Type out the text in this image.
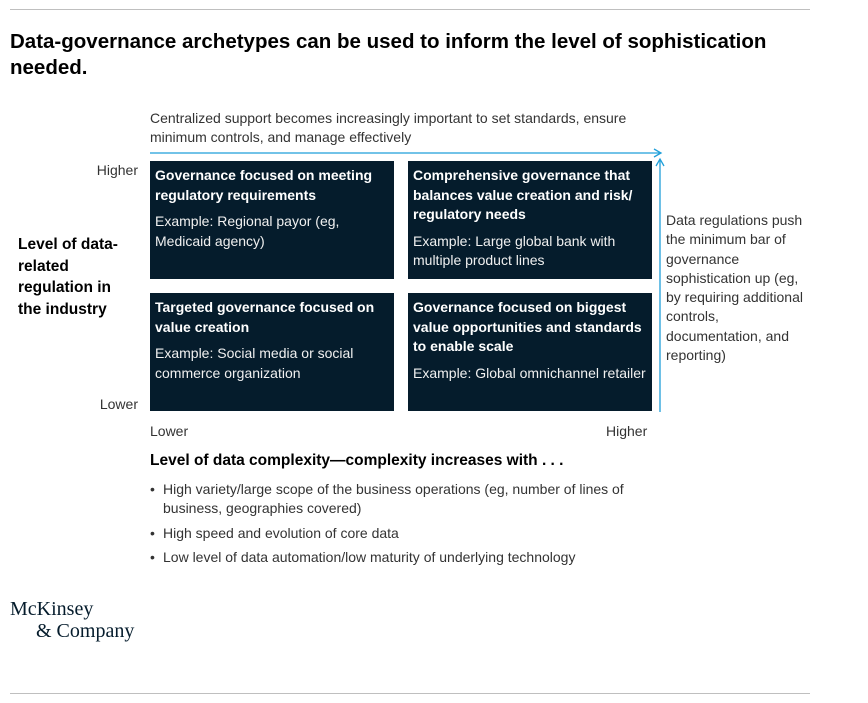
Data-governance archetypes can be used to inform the level of sophistication needed.
Centralized support becomes increasingly important to set standards, ensure minimum controls, and manage effectively
Higher
Lower
Level of data-related regulation in the industry
Governance focused on meeting regulatory requirements
Example: Regional payor (eg, Medicaid agency)
Comprehensive governance that balances value creation and risk/ regulatory needs
Example: Large global bank with multiple product lines
Targeted governance focused on value creation
Example: Social media or social commerce organization
Governance focused on biggest value opportunities and standards to enable scale
Example: Global omnichannel retailer
Data regulations push the minimum bar of governance sophistication up (eg, by requiring additional controls, documentation, and reporting)
Lower	Higher
Level of data complexity—complexity increases with . . .
• High variety/large scope of the business operations (eg, number of lines of business, geographies covered)
• High speed and evolution of core data
• Low level of data automation/low maturity of underlying technology
McKinsey
& Company
